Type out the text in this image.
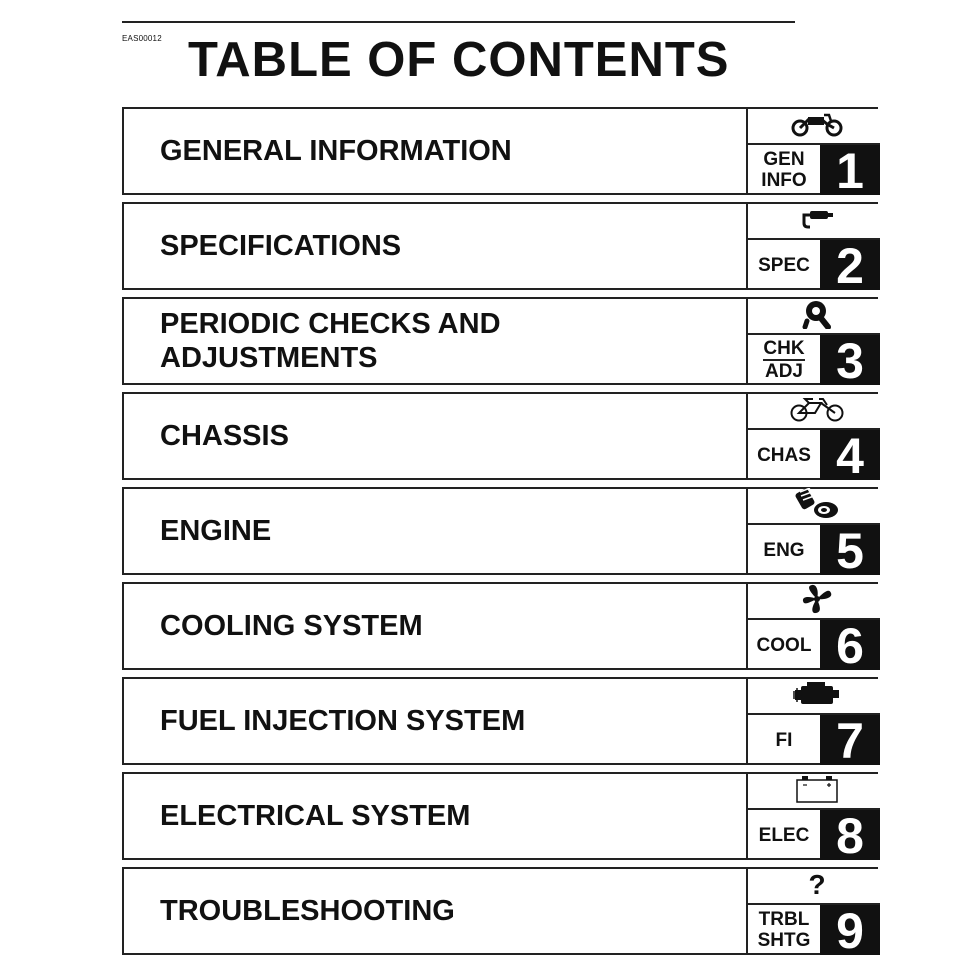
EAS00012 TABLE OF CONTENTS
GENERAL INFORMATION	GEN
INFO 1
SPECIFICATIONS
SPEC 2
PERIODIC CHECKS AND
ADJUSTMENTS	CHK
ADJ 3
CHASSIS
CHAS 4
ENGINE
ENG 5
COOLING SYSTEM
COOL 6
FUEL INJECTION SYSTEM
FI 7
ELECTRICAL SYSTEM
ELEC 8
TROUBLESHOOTING
?
TRBL
SHTG 9
